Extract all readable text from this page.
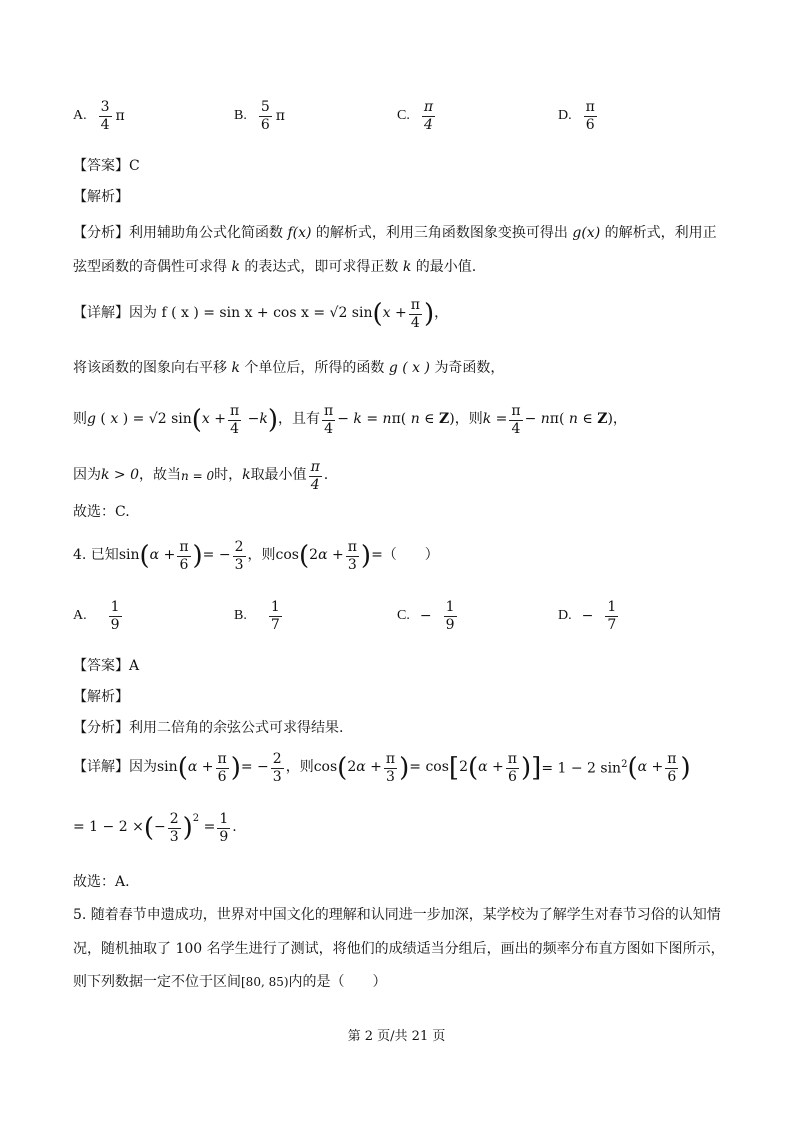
A. $\frac{3}{4}$ π	B. $\frac{5}{6}$ π	C. $\frac{\pi}{4}$	D. $\frac{\pi}{6}$
【答案】C
【解析】
【分析】利用辅助角公式化简函数 f(x) 的解析式，利用三角函数图象变换可得出 g(x) 的解析式，利用正
弦型函数的奇偶性可求得 k 的表达式，即可求得正数 k 的最小值.
【详解】 因为
f ( x ) = sin x + cos x = √2 sin ( $x + \frac{\pi}{4}$ ) ，
将该函数的图象向右平移 k 个单位后，所得的函数 g ( x ) 为奇函数，
则 g ( x ) = √2 sin ( $x + \frac{\pi}{4} - k$ ) ，且有 $\frac{\pi}{4} - k = n\pi$( n ∈ Z) ，则 $k = \frac{\pi}{4} - n\pi$( n ∈ Z) ，
因为 k > 0 ，故当 n = 0 时， k 取最小值 $\frac{\pi}{4}$ .
故选：C.
4. 已知 sin ( $\alpha + \frac{\pi}{6}$ ) = − $\frac{2}{3}$ ，则 cos ( $2\alpha + \frac{\pi}{3}$ ) =（　　）
A. $\frac{1}{9}$	B. $\frac{1}{7}$	C. − $\frac{1}{9}$	D. − $\frac{1}{7}$
【答案】A
【解析】
【分析】利用二倍角的余弦公式可求得结果.
【详解】 因为 sin ( $\alpha + \frac{\pi}{6}$ ) = − $\frac{2}{3}$ ，则 cos ( $2\alpha + \frac{\pi}{3}$ ) = cos [ 2 ( $\alpha + \frac{\pi}{6}$ ) ] = 1 − 2 $\sin^2$ ( $\alpha + \frac{\pi}{6}$ )
= 1 − 2 × ( − $\frac{2}{3} )^2$
= $\frac{1}{9}$ .
故选：A.
5. 随着春节申遗成功，世界对中国文化的理解和认同进一步加深，某学校为了解学生对春节习俗的认知情
况，随机抽取了 100 名学生进行了测试，将他们的成绩适当分组后，画出的频率分布直方图如下图所示，
则下列数据一定不位于区间[80, 85)内的是（　　）
第 2 页/共 21 页
